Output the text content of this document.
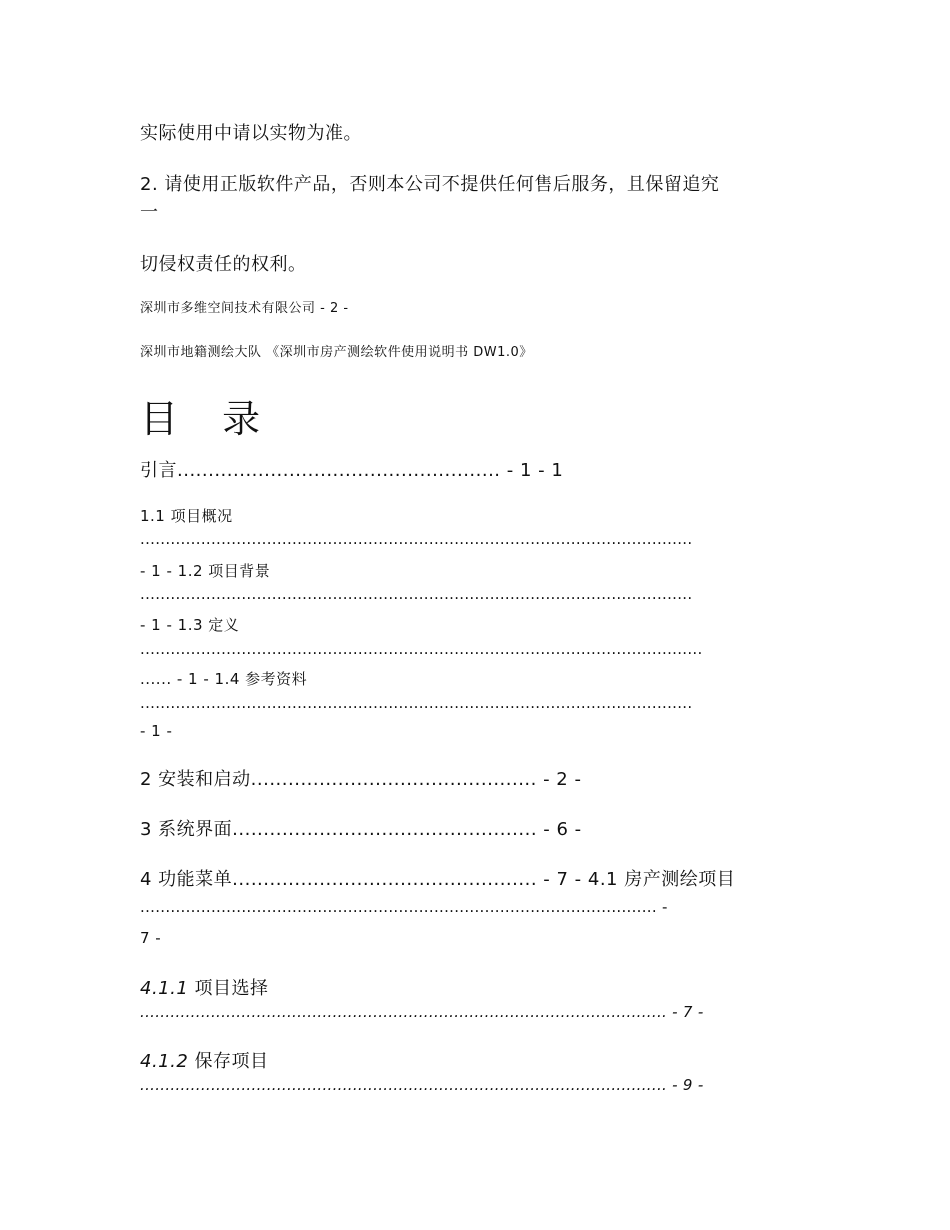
实际使用中请以实物为准。
2. 请使用正版软件产品，否则本公司不提供任何售后服务，且保留追究
一
切侵权责任的权利。
深圳市多维空间技术有限公司 - 2 -
深圳市地籍测绘大队 《深圳市房产测绘软件使用说明书 DW1.0》
目 录
引言.................................................... - 1 - 1
1.1 项目概况
.............................................................................................................
- 1 - 1.2 项目背景
.............................................................................................................
- 1 - 1.3 定义
...............................................................................................................
...... - 1 - 1.4 参考资料
.............................................................................................................
- 1 -
2 安装和启动.............................................. - 2 -
3 系统界面................................................. - 6 -
4 功能菜单................................................. - 7 - 4.1 房产测绘项目
...................................................................................................... -
7 -
4.1.1 项目选择
........................................................................................................ - 7 -
4.1.2 保存项目
........................................................................................................ - 9 -
